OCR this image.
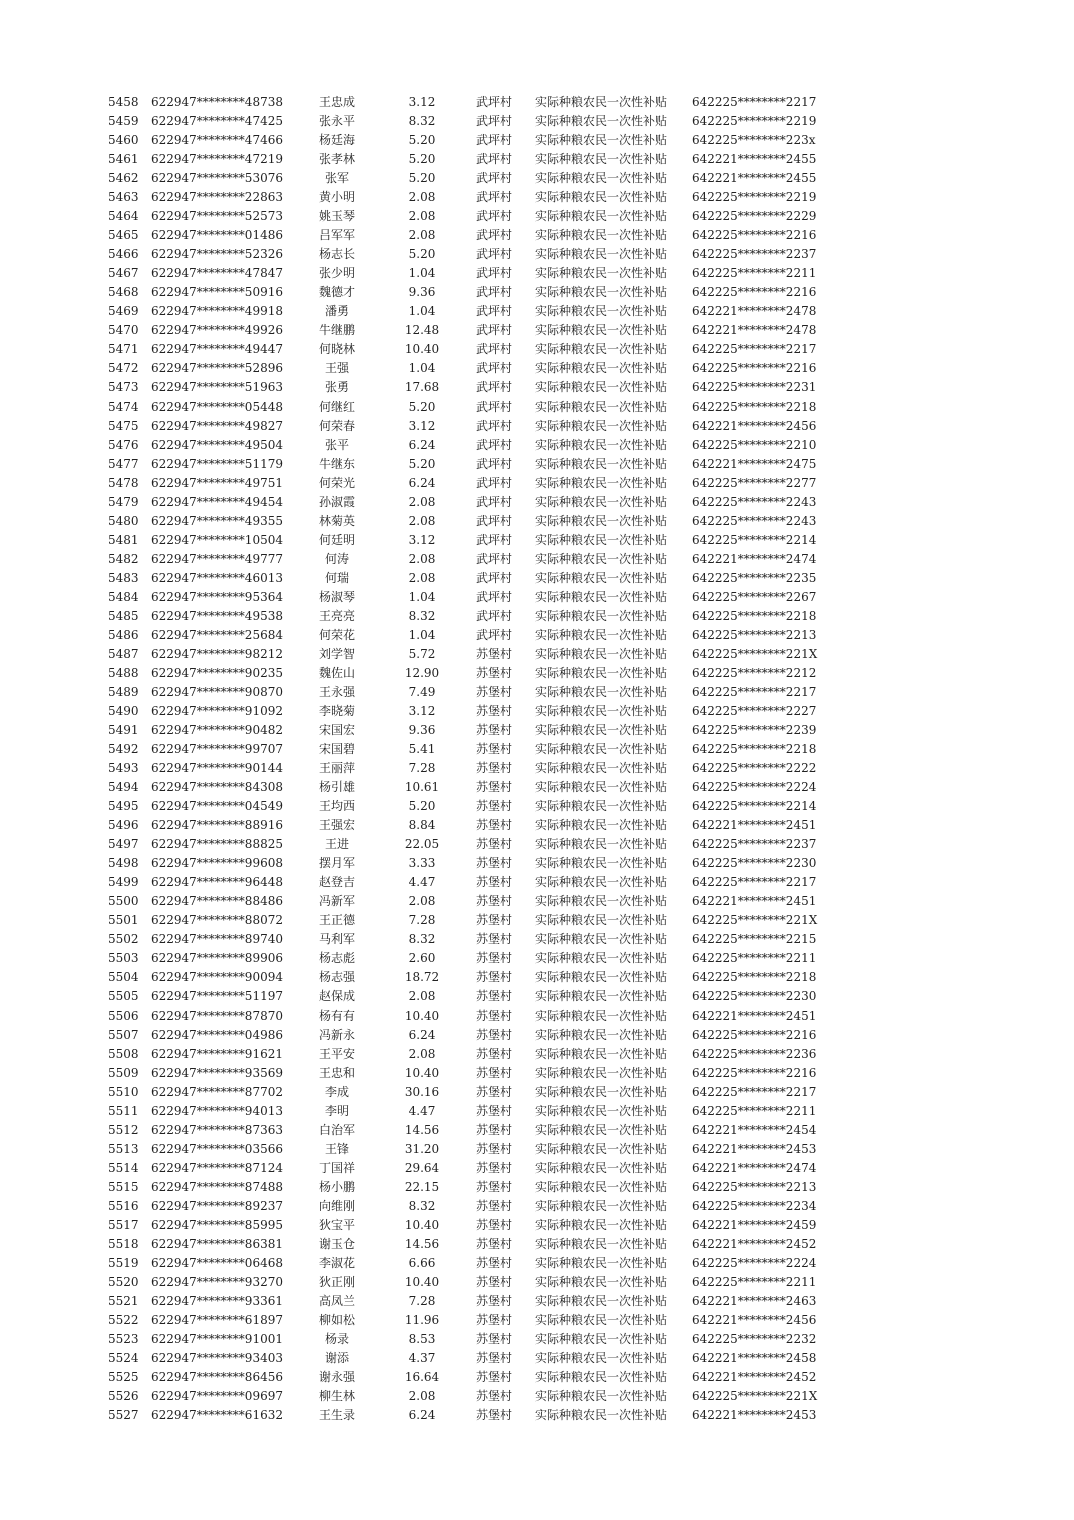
5458 622947********48738	王忠成	3.12	武坪村 实际种粮农民一次性补贴 642225********2217
5459 622947********47425	张永平	8.32	武坪村 实际种粮农民一次性补贴 642225********2219
5460 622947********47466	杨廷海	5.20	武坪村 实际种粮农民一次性补贴 642225********223x
5461 622947********47219	张孝林	5.20	武坪村 实际种粮农民一次性补贴 642221********2455
5462 622947********53076	张军	5.20	武坪村 实际种粮农民一次性补贴 642221********2455
5463 622947********22863	黄小明	2.08	武坪村 实际种粮农民一次性补贴 642225********2219
5464 622947********52573	姚玉琴	2.08	武坪村 实际种粮农民一次性补贴 642225********2229
5465 622947********01486	吕军军	2.08	武坪村 实际种粮农民一次性补贴 642225********2216
5466 622947********52326	杨志长	5.20	武坪村 实际种粮农民一次性补贴 642225********2237
5467 622947********47847	张少明	1.04	武坪村 实际种粮农民一次性补贴 642225********2211
5468 622947********50916	魏德才	9.36	武坪村 实际种粮农民一次性补贴 642225********2216
5469 622947********49918	潘勇	1.04	武坪村 实际种粮农民一次性补贴 642221********2478
5470 622947********49926	牛继鹏	12.48	武坪村 实际种粮农民一次性补贴 642221********2478
5471 622947********49447	何晓林	10.40	武坪村 实际种粮农民一次性补贴 642225********2217
5472 622947********52896	王强	1.04	武坪村 实际种粮农民一次性补贴 642225********2216
5473 622947********51963	张勇	17.68	武坪村 实际种粮农民一次性补贴 642225********2231
5474 622947********05448	何继红	5.20	武坪村 实际种粮农民一次性补贴 642225********2218
5475 622947********49827	何荣春	3.12	武坪村 实际种粮农民一次性补贴 642221********2456
5476 622947********49504	张平	6.24	武坪村 实际种粮农民一次性补贴 642225********2210
5477 622947********51179	牛继东	5.20	武坪村 实际种粮农民一次性补贴 642221********2475
5478 622947********49751	何荣光	6.24	武坪村 实际种粮农民一次性补贴 642225********2277
5479 622947********49454	孙淑霞	2.08	武坪村 实际种粮农民一次性补贴 642225********2243
5480 622947********49355	林菊英	2.08	武坪村 实际种粮农民一次性补贴 642225********2243
5481 622947********10504	何廷明	3.12	武坪村 实际种粮农民一次性补贴 642225********2214
5482 622947********49777	何涛	2.08	武坪村 实际种粮农民一次性补贴 642221********2474
5483 622947********46013	何瑞	2.08	武坪村 实际种粮农民一次性补贴 642225********2235
5484 622947********95364	杨淑琴	1.04	武坪村 实际种粮农民一次性补贴 642225********2267
5485 622947********49538	王亮亮	8.32	武坪村 实际种粮农民一次性补贴 642225********2218
5486 622947********25684	何荣花	1.04	武坪村 实际种粮农民一次性补贴 642225********2213
5487 622947********98212	刘学智	5.72	苏堡村 实际种粮农民一次性补贴 642225********221X
5488 622947********90235	魏佐山	12.90	苏堡村 实际种粮农民一次性补贴 642225********2212
5489 622947********90870	王永强	7.49	苏堡村 实际种粮农民一次性补贴 642225********2217
5490 622947********91092	李晓菊	3.12	苏堡村 实际种粮农民一次性补贴 642225********2227
5491 622947********90482	宋国宏	9.36	苏堡村 实际种粮农民一次性补贴 642225********2239
5492 622947********99707	宋国碧	5.41	苏堡村 实际种粮农民一次性补贴 642225********2218
5493 622947********90144	王丽萍	7.28	苏堡村 实际种粮农民一次性补贴 642225********2222
5494 622947********84308	杨引雄	10.61	苏堡村 实际种粮农民一次性补贴 642225********2224
5495 622947********04549	王均西	5.20	苏堡村 实际种粮农民一次性补贴 642225********2214
5496 622947********88916	王强宏	8.84	苏堡村 实际种粮农民一次性补贴 642221********2451
5497 622947********88825	王进	22.05	苏堡村 实际种粮农民一次性补贴 642225********2237
5498 622947********99608	摆月军	3.33	苏堡村 实际种粮农民一次性补贴 642225********2230
5499 622947********96448	赵登吉	4.47	苏堡村 实际种粮农民一次性补贴 642225********2217
5500 622947********88486	冯新军	2.08	苏堡村 实际种粮农民一次性补贴 642221********2451
5501 622947********88072	王正德	7.28	苏堡村 实际种粮农民一次性补贴 642225********221X
5502 622947********89740	马利军	8.32	苏堡村 实际种粮农民一次性补贴 642225********2215
5503 622947********89906	杨志彪	2.60	苏堡村 实际种粮农民一次性补贴 642225********2211
5504 622947********90094	杨志强	18.72	苏堡村 实际种粮农民一次性补贴 642225********2218
5505 622947********51197	赵保成	2.08	苏堡村 实际种粮农民一次性补贴 642225********2230
5506 622947********87870	杨有有	10.40	苏堡村 实际种粮农民一次性补贴 642221********2451
5507 622947********04986	冯新永	6.24	苏堡村 实际种粮农民一次性补贴 642225********2216
5508 622947********91621	王平安	2.08	苏堡村 实际种粮农民一次性补贴 642225********2236
5509 622947********93569	王忠和	10.40	苏堡村 实际种粮农民一次性补贴 642225********2216
5510 622947********87702	李成	30.16	苏堡村 实际种粮农民一次性补贴 642225********2217
5511 622947********94013	李明	4.47	苏堡村 实际种粮农民一次性补贴 642225********2211
5512 622947********87363	白治军	14.56	苏堡村 实际种粮农民一次性补贴 642221********2454
5513 622947********03566	王锋	31.20	苏堡村 实际种粮农民一次性补贴 642221********2453
5514 622947********87124	丁国祥	29.64	苏堡村 实际种粮农民一次性补贴 642221********2474
5515 622947********87488	杨小鹏	22.15	苏堡村 实际种粮农民一次性补贴 642225********2213
5516 622947********89237	向维刚	8.32	苏堡村 实际种粮农民一次性补贴 642225********2234
5517 622947********85995	狄宝平	10.40	苏堡村 实际种粮农民一次性补贴 642221********2459
5518 622947********86381	谢玉仓	14.56	苏堡村 实际种粮农民一次性补贴 642221********2452
5519 622947********06468	李淑花	6.66	苏堡村 实际种粮农民一次性补贴 642225********2224
5520 622947********93270	狄正刚	10.40	苏堡村 实际种粮农民一次性补贴 642225********2211
5521 622947********93361	高凤兰	7.28	苏堡村 实际种粮农民一次性补贴 642221********2463
5522 622947********61897	柳如松	11.96	苏堡村 实际种粮农民一次性补贴 642221********2456
5523 622947********91001	杨录	8.53	苏堡村 实际种粮农民一次性补贴 642225********2232
5524 622947********93403	谢添	4.37	苏堡村 实际种粮农民一次性补贴 642221********2458
5525 622947********86456	谢永强	16.64	苏堡村 实际种粮农民一次性补贴 642221********2452
5526 622947********09697	柳生林	2.08	苏堡村 实际种粮农民一次性补贴 642225********221X
5527 622947********61632	王生录	6.24	苏堡村 实际种粮农民一次性补贴 642221********2453
